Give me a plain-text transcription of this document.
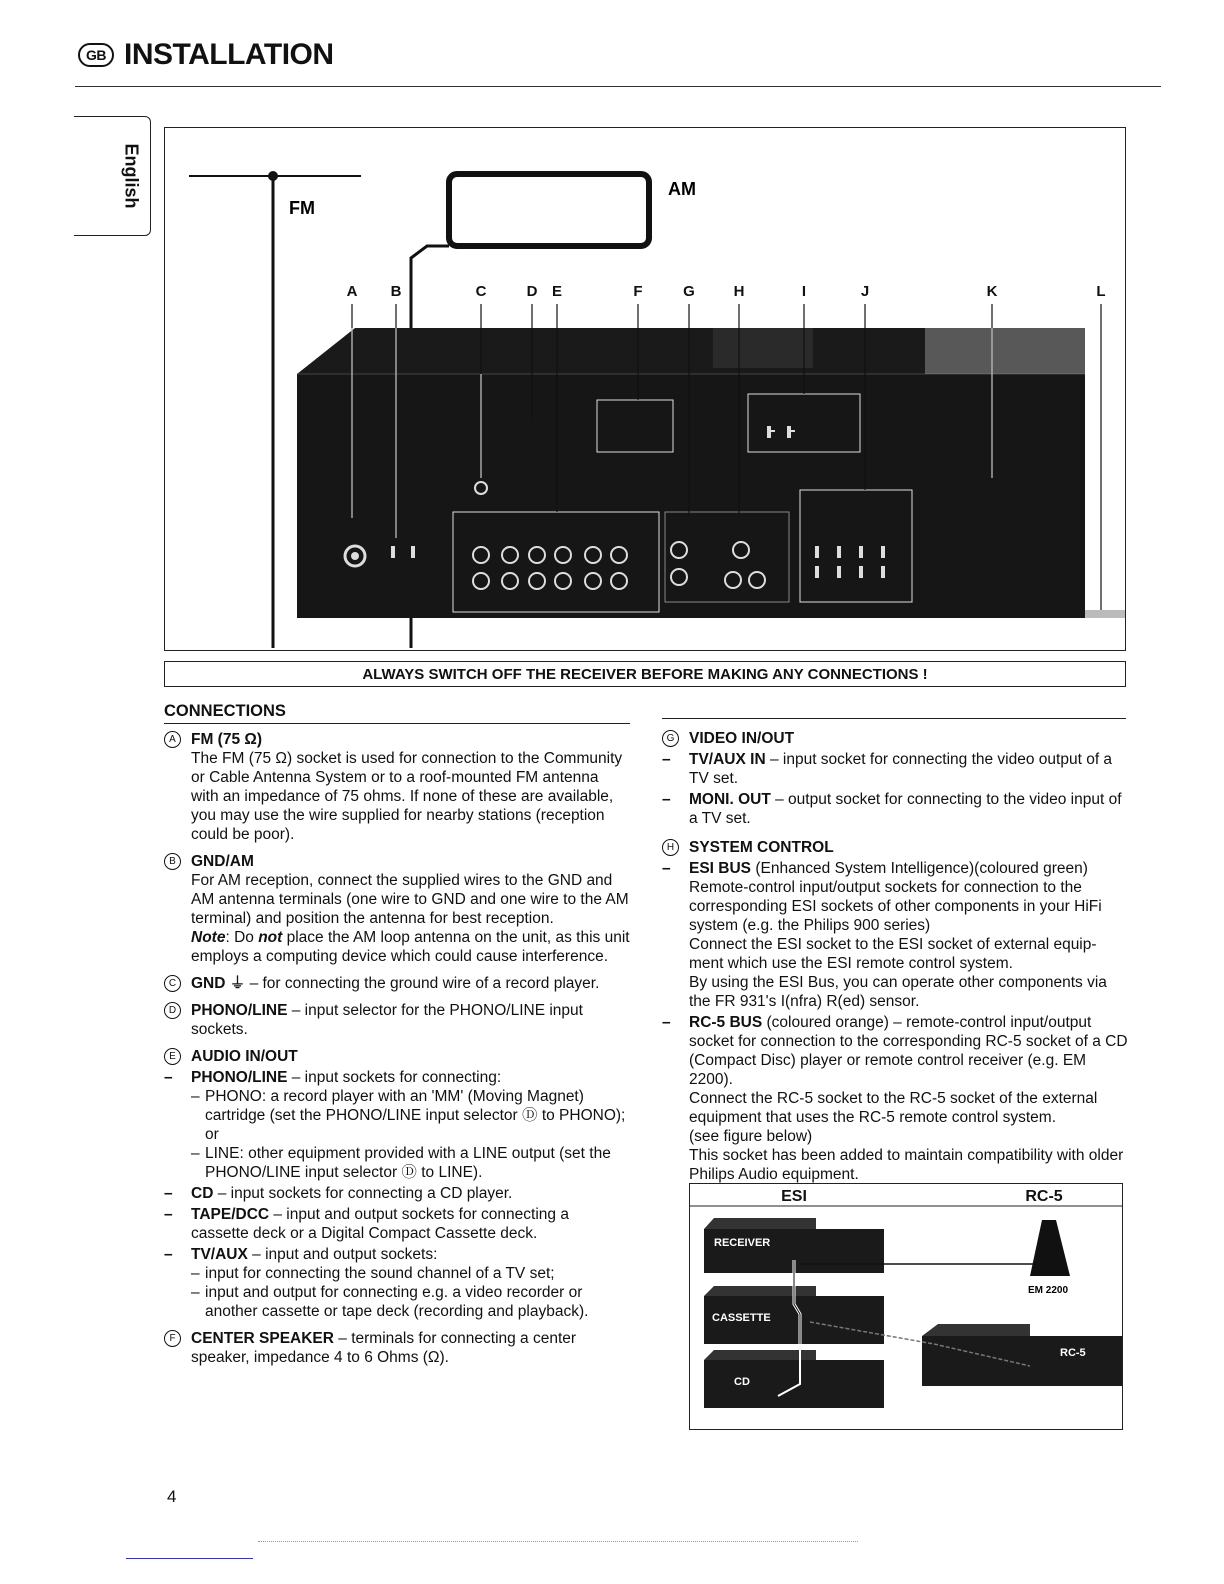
GB INSTALLATION
English	FM
AM
A B	C	D E	F	G	H	I	J	K	L
ALWAYS SWITCH OFF THE RECEIVER BEFORE MAKING ANY CONNECTIONS !
CONNECTIONS
A FM (75 Ω)

The FM (75 Ω) socket is used for connection to the Community or Cable Antenna System or to a roof-mounted FM antenna with an impedance of 75 ohms. If none of these are available, you may use the wire supplied for nearby stations (reception could be poor).

B GND/AM

For AM reception, connect the supplied wires to the GND and AM antenna terminals (one wire to GND and one wire to the AM terminal) and position the antenna for best reception.

Note: Do not place the AM loop antenna on the unit, as this unit employs a computing device which could cause interference.

C GND ⏚ – for connecting the ground wire of a record player.

D PHONO/LINE – input selector for the PHONO/LINE input sockets.

E AUDIO IN/OUT

– PHONO/LINE – input sockets for connecting:

– PHONO: a record player with an 'MM' (Moving Magnet) cartridge (set the PHONO/LINE input selector Ⓓ to PHONO); or

– LINE: other equipment provided with a LINE output (set the PHONO/LINE input selector Ⓓ to LINE).

– CD – input sockets for connecting a CD player.

– TAPE/DCC – input and output sockets for connecting a cassette deck or a Digital Compact Cassette deck.

– TV/AUX – input and output sockets:

– input for connecting the sound channel of a TV set;

– input and output for connecting e.g. a video recorder or another cassette or tape deck (recording and playback).

F CENTER SPEAKER – terminals for connecting a center speaker, impedance 4 to 6 Ohms (Ω).

G VIDEO IN/OUT

– TV/AUX IN – input socket for connecting the video output of a TV set.

– MONI. OUT – output socket for connecting to the video input of a TV set.

H SYSTEM CONTROL

– ESI BUS (Enhanced System Intelligence)(coloured green) Remote-control input/output sockets for connection to the corresponding ESI sockets of other components in your HiFi system (e.g. the Philips 900 series)

Connect the ESI socket to the ESI socket of external equip-ment which use the ESI remote control system.

By using the ESI Bus, you can operate other components via the FR 931's I(nfra) R(ed) sensor.

– RC-5 BUS (coloured orange) – remote-control input/output socket for connection to the corresponding RC-5 socket of a CD (Compact Disc) player or remote control receiver (e.g. EM 2200).

Connect the RC-5 socket to the RC-5 socket of the external equipment that uses the RC-5 remote control system.

(see figure below)

This socket has been added to maintain compatibility with older Philips Audio equipment.

ESI	RC-5
RECEIVER
CASSETTE
CD
EM 2200
RC-5
4
